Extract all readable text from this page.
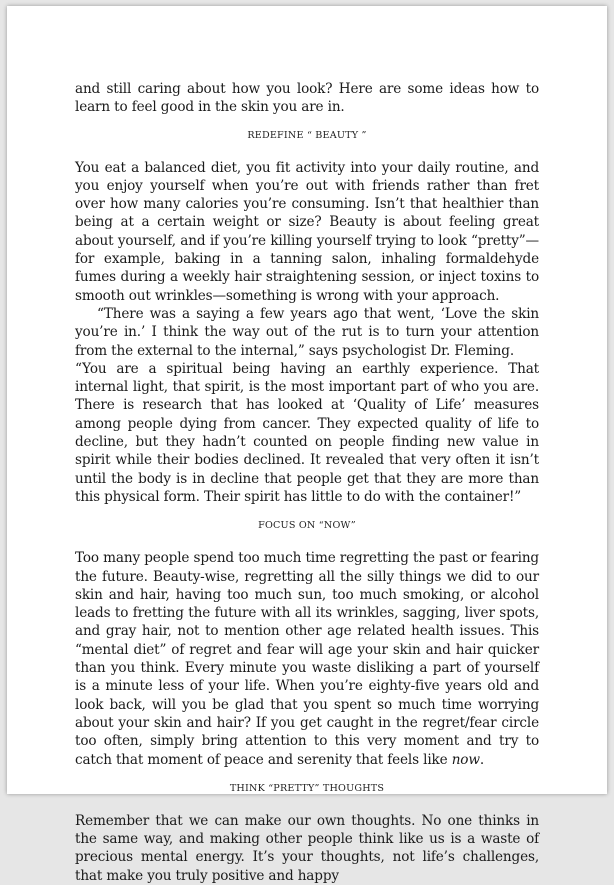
and still caring about how you look? Here are some ideas how to learn to feel good in the skin you are in.

REDEFINE “ BEAUTY ”

You eat a balanced diet, you fit activity into your daily routine, and you enjoy yourself when you’re out with friends rather than fret over how many calories you’re consuming. Isn’t that healthier than being at a certain weight or size? Beauty is about feeling great about yourself, and if you’re killing yourself trying to look “pretty”—for example, baking in a tanning salon, inhaling formaldehyde fumes during a weekly hair straightening session, or inject toxins to smooth out wrinkles—something is wrong with your approach.

“There was a saying a few years ago that went, ‘Love the skin you’re in.’ I think the way out of the rut is to turn your attention from the external to the internal,” says psychologist Dr. Fleming.

“You are a spiritual being having an earthly experience. That internal light, that spirit, is the most important part of who you are. There is research that has looked at ‘Quality of Life’ measures among people dying from cancer. They expected quality of life to decline, but they hadn’t counted on people finding new value in spirit while their bodies declined. It revealed that very often it isn’t until the body is in decline that people get that they are more than this physical form. Their spirit has little to do with the container!”

FOCUS ON “NOW”

Too many people spend too much time regretting the past or fearing the future. Beauty-wise, regretting all the silly things we did to our skin and hair, having too much sun, too much smoking, or alcohol leads to fretting the future with all its wrinkles, sagging, liver spots, and gray hair, not to mention other age related health issues. This “mental diet” of regret and fear will age your skin and hair quicker than you think. Every minute you waste disliking a part of yourself is a minute less of your life. When you’re eighty-five years old and look back, will you be glad that you spent so much time worrying about your skin and hair? If you get caught in the regret/fear circle too often, simply bring attention to this very moment and try to catch that moment of peace and serenity that feels like now.

THINK “PRETTY” THOUGHTS

Remember that we can make our own thoughts. No one thinks in the same way, and making other people think like us is a waste of precious mental energy. It’s your thoughts, not life’s challenges, that make you truly positive and happy
